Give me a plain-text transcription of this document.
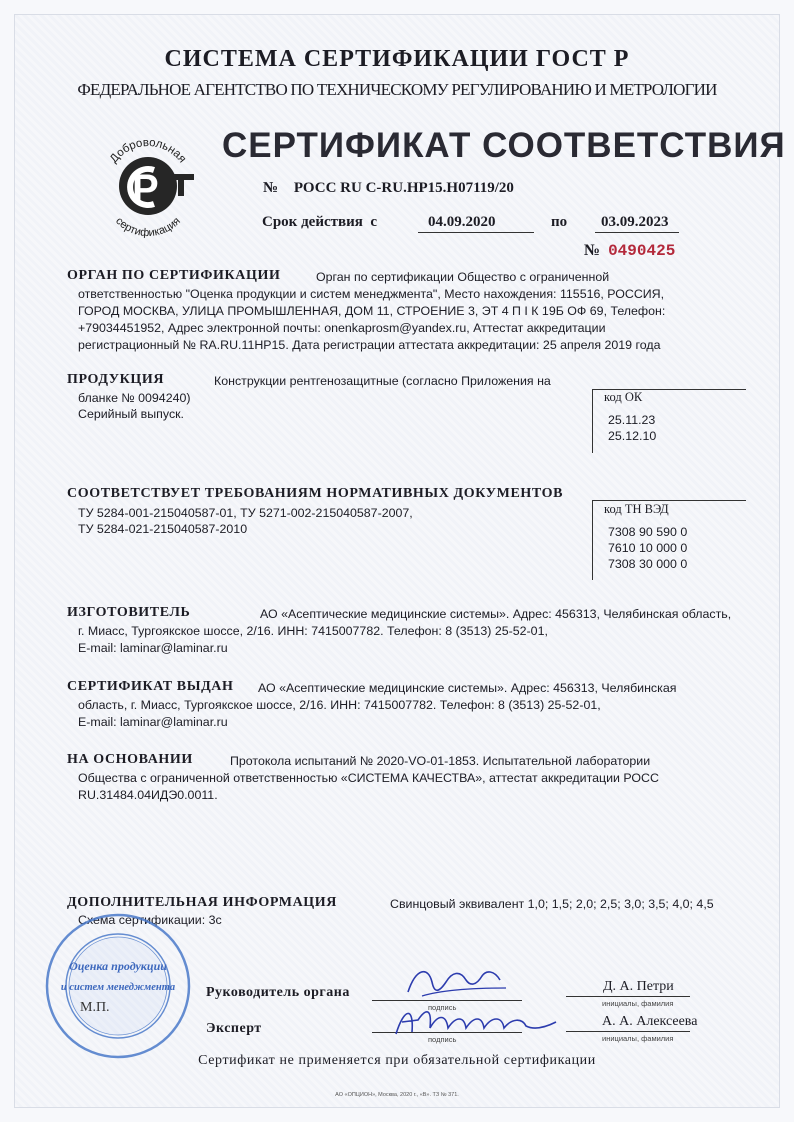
СИСТЕМА СЕРТИФИКАЦИИ ГОСТ Р
ФЕДЕРАЛЬНОЕ АГЕНТСТВО ПО ТЕХНИЧЕСКОМУ РЕГУЛИРОВАНИЮ И МЕТРОЛОГИИ
P
Добровольная
сертификация
СЕРТИФИКАТ СООТВЕТСТВИЯ
№ РОСС RU C-RU.НР15.Н07119/20
Срок действия с	04.09.2020	по 03.09.2023
№ 0490425
ОРГАН ПО СЕРТИФИКАЦИИ	Орган по сертификации Общество с ограниченной
ответственностью "Оценка продукции и систем менеджмента", Место нахождения: 115516, РОССИЯ,
ГОРОД МОСКВА, УЛИЦА ПРОМЫШЛЕННАЯ, ДОМ 11, СТРОЕНИЕ 3, ЭТ 4 П I К 19Б ОФ 69, Телефон:
+79034451952, Адрес электронной почты: onenkaprosm@yandex.ru, Аттестат аккредитации
регистрационный № RA.RU.11НР15. Дата регистрации аттестата аккредитации: 25 апреля 2019 года
ПРОДУКЦИЯ	Конструкции рентгенозащитные (согласно Приложения на
бланке № 0094240)
Серийный выпуск.
код ОК
25.11.23
25.12.10
СООТВЕТСТВУЕТ ТРЕБОВАНИЯМ НОРМАТИВНЫХ ДОКУМЕНТОВ
ТУ 5284-001-215040587-01, ТУ 5271-002-215040587-2007,
ТУ 5284-021-215040587-2010
код ТН ВЭД
7308 90 590 0
7610 10 000 0
7308 30 000 0
ИЗГОТОВИТЕЛЬ	АО «Асептические медицинские системы». Адрес: 456313, Челябинская область,
г. Миасс, Тургоякское шоссе, 2/16. ИНН: 7415007782. Телефон: 8 (3513) 25-52-01,
E-mail: laminar@laminar.ru
СЕРТИФИКАТ ВЫДАН АО «Асептические медицинские системы». Адрес: 456313, Челябинская
область, г. Миасс, Тургоякское шоссе, 2/16. ИНН: 7415007782. Телефон: 8 (3513) 25-52-01,
E-mail: laminar@laminar.ru
НА ОСНОВАНИИ	Протокола испытаний № 2020-VO-01-1853. Испытательной лаборатории
Общества с ограниченной ответственностью «СИСТЕМА КАЧЕСТВА», аттестат аккредитации РОСС
RU.31484.04ИДЭ0.0011.
ДОПОЛНИТЕЛЬНАЯ ИНФОРМАЦИЯ	Свинцовый эквивалент 1,0; 1,5; 2,0; 2,5; 3,0; 3,5; 4,0; 4,5
Схема сертификации: 3с
Оценка продукции
и систем менеджмента
М.П.
Руководитель органа
подпись
Д. А. Петри
инициалы, фамилия
Эксперт
подпись
А. А. Алексеева
инициалы, фамилия
Сертификат не применяется при обязательной сертификации
АО «ОПЦИОН», Москва, 2020 г., «В». ТЗ № 371.
